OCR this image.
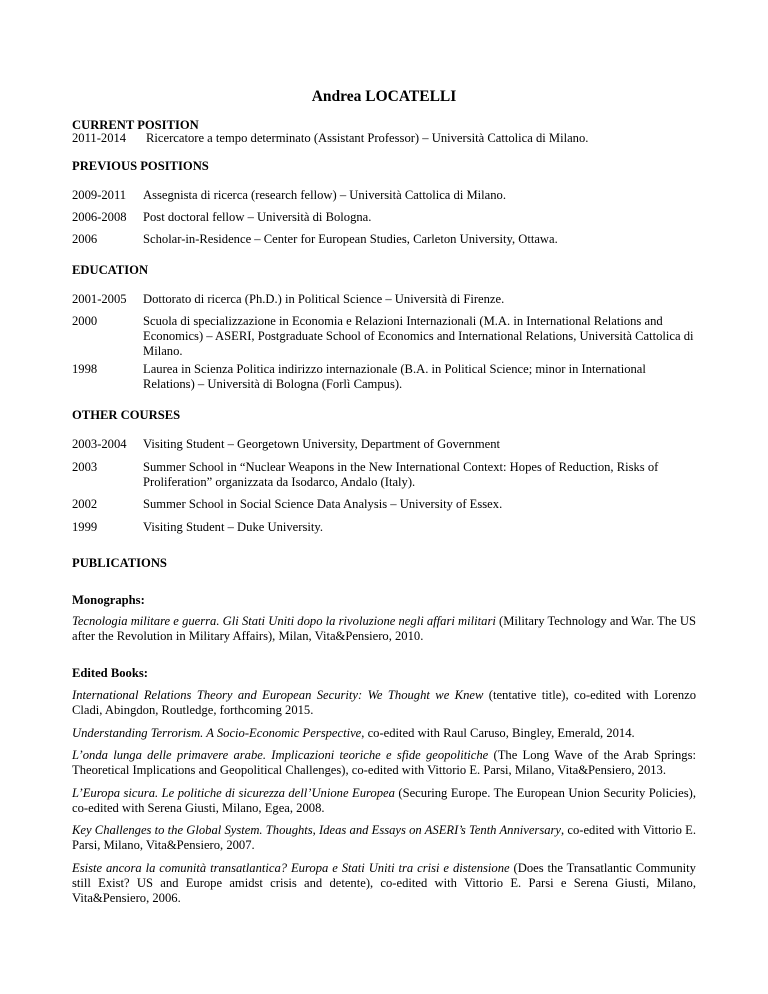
Andrea LOCATELLI
CURRENT POSITION
2011-2014 Ricercatore a tempo determinato (Assistant Professor) – Università Cattolica di Milano.
PREVIOUS POSITIONS
2009-2011 Assegnista di ricerca (research fellow) – Università Cattolica di Milano.
2006-2008 Post doctoral fellow – Università di Bologna.
2006	Scholar-in-Residence – Center for European Studies, Carleton University, Ottawa.
EDUCATION
2001-2005 Dottorato di ricerca (Ph.D.) in Political Science – Università di Firenze.
2000	Scuola di specializzazione in Economia e Relazioni Internazionali (M.A. in International Relations and Economics) – ASERI, Postgraduate School of Economics and International Relations, Università Cattolica di Milano.
1998	Laurea in Scienza Politica indirizzo internazionale (B.A. in Political Science; minor in International Relations) – Università di Bologna (Forlì Campus).
OTHER COURSES
2003-2004 Visiting Student – Georgetown University, Department of Government
2003	Summer School in “Nuclear Weapons in the New International Context: Hopes of Reduction, Risks of Proliferation” organizzata da Isodarco, Andalo (Italy).
2002	Summer School in Social Science Data Analysis – University of Essex.
1999	Visiting Student – Duke University.
PUBLICATIONS
Monographs:
Tecnologia militare e guerra. Gli Stati Uniti dopo la rivoluzione negli affari militari (Military Technology and War. The US after the Revolution in Military Affairs), Milan, Vita&Pensiero, 2010.
Edited Books:
International Relations Theory and European Security: We Thought we Knew (tentative title), co-edited with Lorenzo Cladi, Abingdon, Routledge, forthcoming 2015.
Understanding Terrorism. A Socio-Economic Perspective, co-edited with Raul Caruso, Bingley, Emerald, 2014.
L’onda lunga delle primavere arabe. Implicazioni teoriche e sfide geopolitiche (The Long Wave of the Arab Springs: Theoretical Implications and Geopolitical Challenges), co-edited with Vittorio E. Parsi, Milano, Vita&Pensiero, 2013.
L’Europa sicura. Le politiche di sicurezza dell’Unione Europea (Securing Europe. The European Union Security Policies), co-edited with Serena Giusti, Milano, Egea, 2008.
Key Challenges to the Global System. Thoughts, Ideas and Essays on ASERI’s Tenth Anniversary, co-edited with Vittorio E. Parsi, Milano, Vita&Pensiero, 2007.
Esiste ancora la comunità transatlantica? Europa e Stati Uniti tra crisi e distensione (Does the Transatlantic Community still Exist? US and Europe amidst crisis and detente), co-edited with Vittorio E. Parsi e Serena Giusti, Milano, Vita&Pensiero, 2006.
